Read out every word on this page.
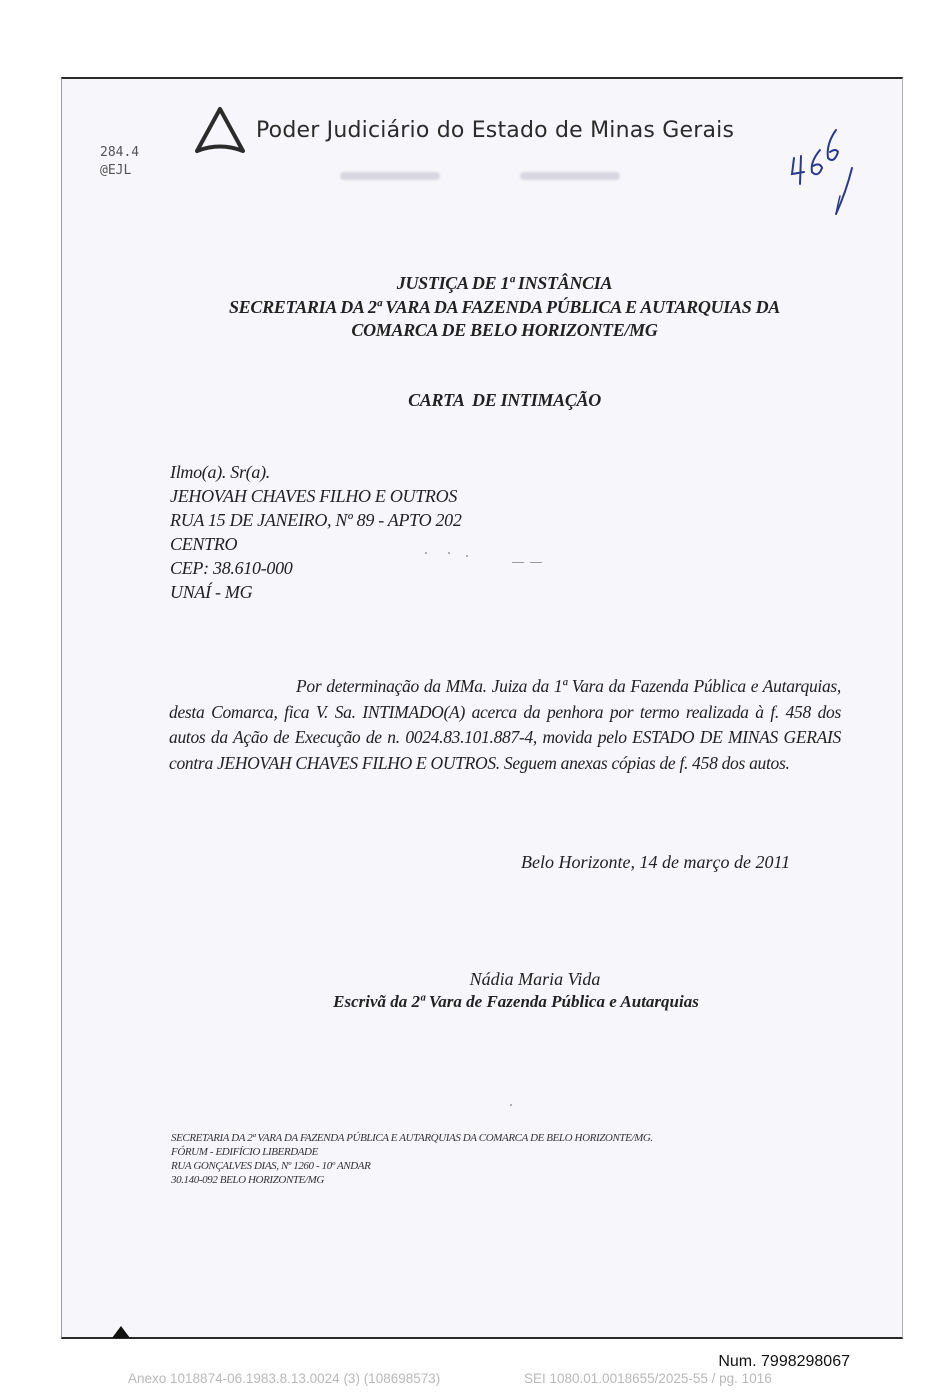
Poder Judiciário do Estado de Minas Gerais
284.4
@EJL
JUSTIÇA DE 1ª INSTÂNCIA
SECRETARIA DA 2ª VARA DA FAZENDA PÚBLICA E AUTARQUIAS DA
COMARCA DE BELO HORIZONTE/MG
CARTA  DE INTIMAÇÃO
Ilmo(a). Sr(a).
JEHOVAH CHAVES FILHO E OUTROS
RUA 15 DE JANEIRO, Nº 89 - APTO 202
CENTRO
CEP: 38.610-000
UNAÍ - MG
Por determinação da MMa. Juiza da 1ª Vara da Fazenda Pública e Autarquias, desta Comarca, fica V. Sa. INTIMADO(A) acerca da penhora por termo realizada à f. 458 dos autos da Ação de Execução de n. 0024.83.101.887-4, movida pelo ESTADO DE MINAS GERAIS contra JEHOVAH CHAVES FILHO E OUTROS. Seguem anexas cópias de f. 458 dos autos.
Belo Horizonte, 14 de março de 2011
Nádia Maria Vida
Escrivã da 2ª Vara de Fazenda Pública e Autarquias
SECRETARIA DA 2ª VARA DA FAZENDA PÚBLICA E AUTARQUIAS DA COMARCA DE BELO HORIZONTE/MG.
FÓRUM - EDIFÍCIO LIBERDADE
RUA GONÇALVES DIAS, Nº 1260 - 10º ANDAR
30.140-092 BELO HORIZONTE/MG
Num. 7998298067
Anexo 1018874-06.1983.8.13.0024 (3) (108698573)	SEI 1080.01.0018655/2025-55 / pg. 1016
